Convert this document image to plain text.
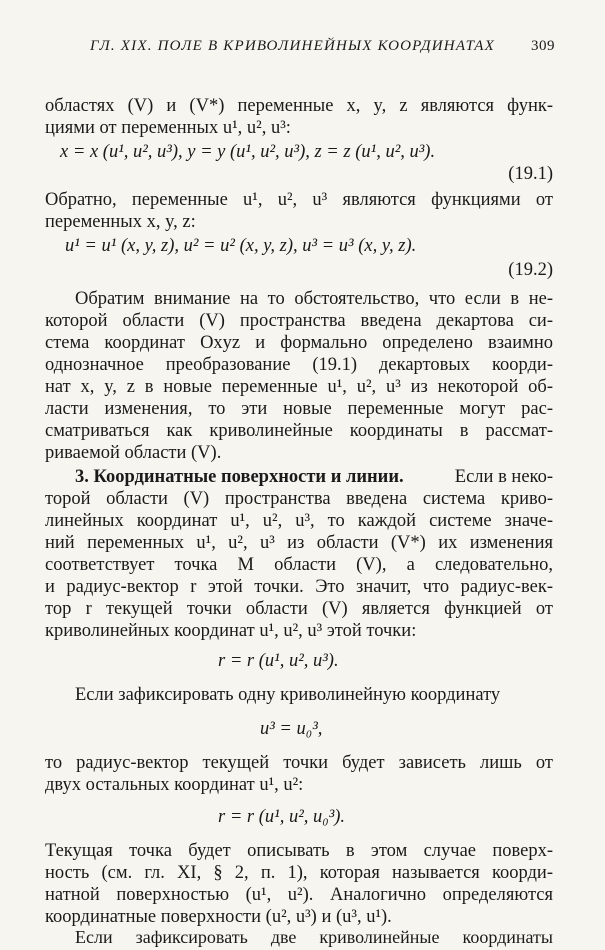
ГЛ. XIX. ПОЛЕ В КРИВОЛИНЕЙНЫХ КООРДИНАТАХ 309
областях (V) и (V*) переменные x, y, z являются функ-
циями от переменных u¹, u², u³:
x = x (u¹, u², u³), y = y (u¹, u², u³), z = z (u¹, u², u³).
(19.1)
Обратно, переменные u¹, u², u³ являются функциями от
переменных x, y, z:
u¹ = u¹ (x, y, z), u² = u² (x, y, z), u³ = u³ (x, y, z).
(19.2)
Обратим внимание на то обстоятельство, что если в не-
которой области (V) пространства введена декартова си-
стема координат Oxyz и формально определено взаимно
однозначное преобразование (19.1) декартовых коорди-
нат x, y, z в новые переменные u¹, u², u³ из некоторой об-
ласти изменения, то эти новые переменные могут рас-
сматриваться как криволинейные координаты в рассмат-
риваемой области (V).
3. Координатные поверхности и линии.	Если в неко-
торой области (V) пространства введена система криво-
линейных координат u¹, u², u³, то каждой системе значе-
ний переменных u¹, u², u³ из области (V*) их изменения
соответствует точка M области (V), а следовательно,
и радиус-вектор r этой точки. Это значит, что радиус-век-
тор r текущей точки области (V) является функцией от
криволинейных координат u¹, u², u³ этой точки:
r = r (u¹, u², u³).
Если зафиксировать одну криволинейную координату
u³ = u₀³,
то радиус-вектор текущей точки будет зависеть лишь от
двух остальных координат u¹, u²:
r = r (u¹, u², u₀³).
Текущая точка будет описывать в этом случае поверх-
ность (см. гл. XI, § 2, п. 1), которая называется коорди-
натной поверхностью (u¹, u²). Аналогично определяются
координатные поверхности (u², u³) и (u³, u¹).
Если зафиксировать две криволинейные координаты
